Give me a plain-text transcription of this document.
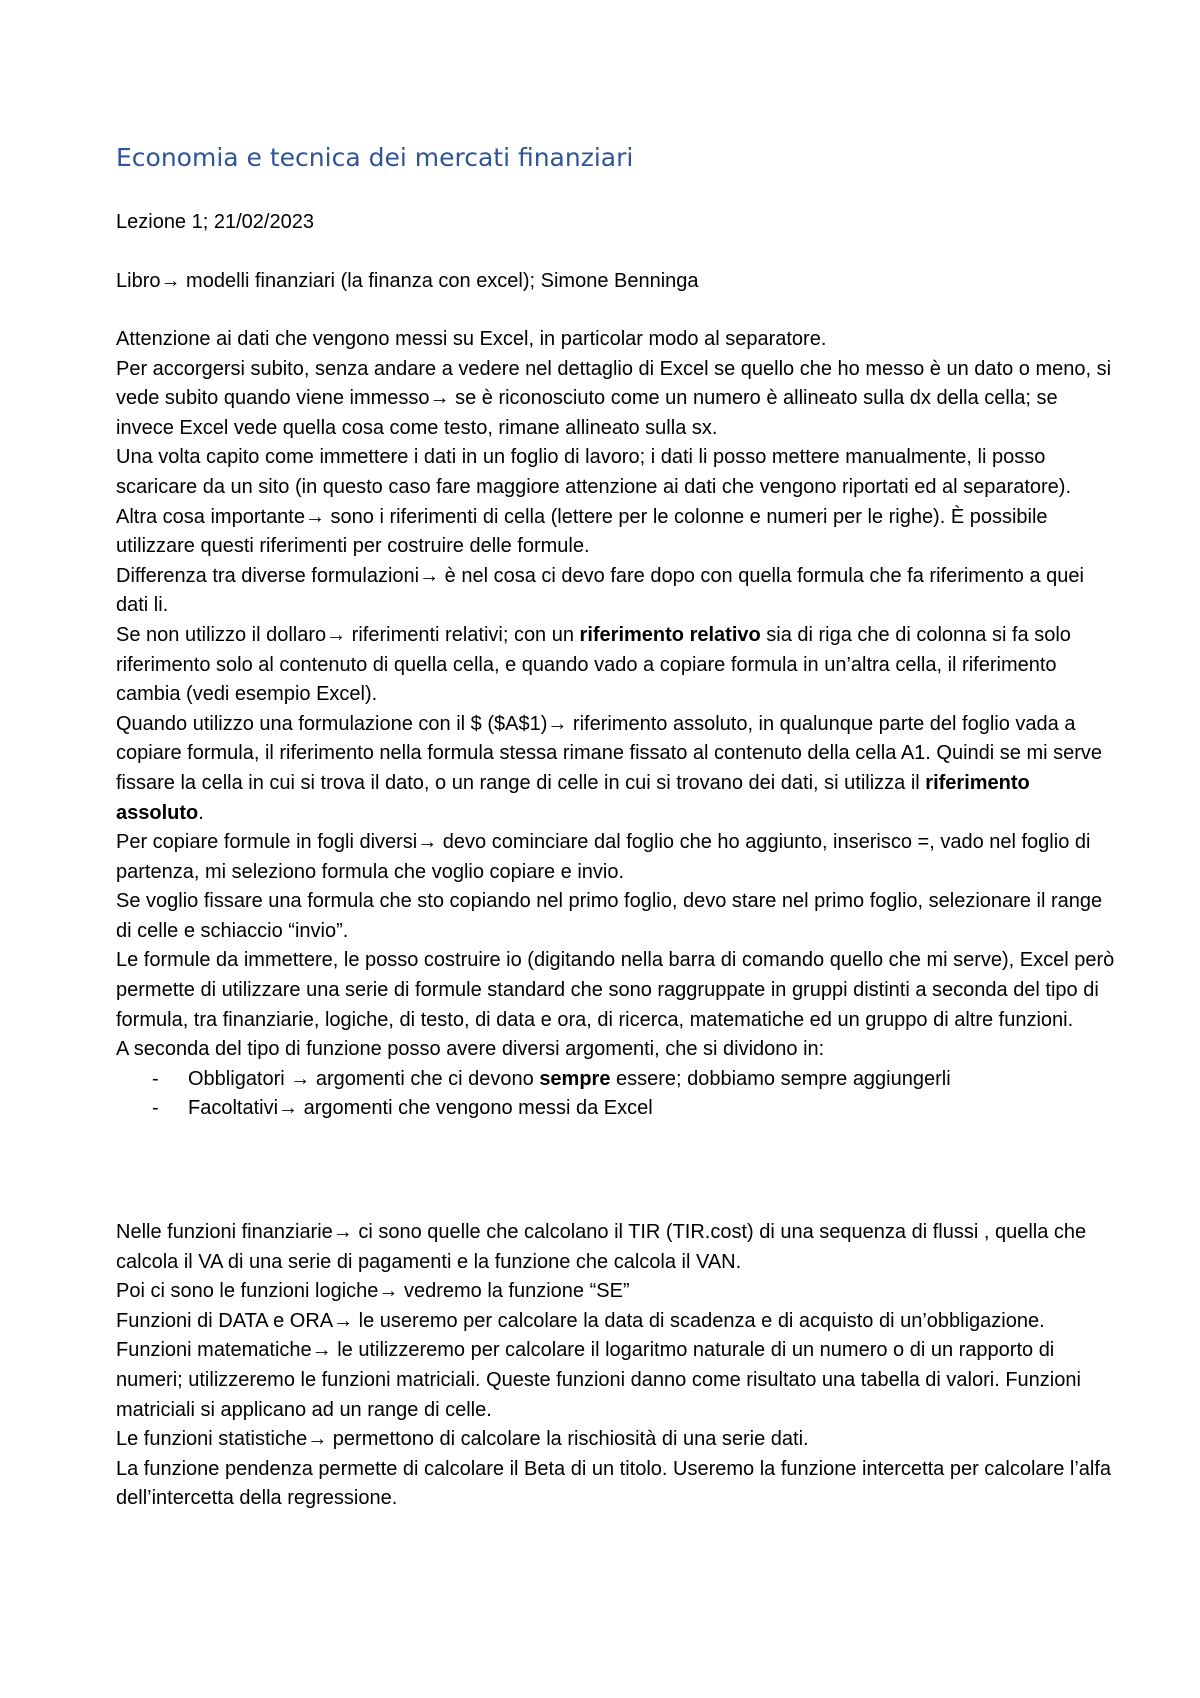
Economia e tecnica dei mercati finanziari
Lezione 1; 21/02/2023
Libro→ modelli finanziari (la finanza con excel); Simone Benninga

Attenzione ai dati che vengono messi su Excel, in particolar modo al separatore.

Per accorgersi subito, senza andare a vedere nel dettaglio di Excel se quello che ho messo è un dato o meno, si vede subito quando viene immesso→ se è riconosciuto come un numero è allineato sulla dx della cella; se invece Excel vede quella cosa come testo, rimane allineato sulla sx.

Una volta capito come immettere i dati in un foglio di lavoro; i dati li posso mettere manualmente, li posso scaricare da un sito (in questo caso fare maggiore attenzione ai dati che vengono riportati ed al separatore).

Altra cosa importante→ sono i riferimenti di cella (lettere per le colonne e numeri per le righe). È possibile utilizzare questi riferimenti per costruire delle formule.

Differenza tra diverse formulazioni→ è nel cosa ci devo fare dopo con quella formula che fa riferimento a quei dati li.

Se non utilizzo il dollaro→ riferimenti relativi; con un riferimento relativo sia di riga che di colonna si fa solo riferimento solo al contenuto di quella cella, e quando vado a copiare formula in un’altra cella, il riferimento cambia (vedi esempio Excel).

Quando utilizzo una formulazione con il $ ($A$1)→ riferimento assoluto, in qualunque parte del foglio vada a copiare formula, il riferimento nella formula stessa rimane fissato al contenuto della cella A1. Quindi se mi serve fissare la cella in cui si trova il dato, o un range di celle in cui si trovano dei dati, si utilizza il riferimento assoluto.

Per copiare formule in fogli diversi→ devo cominciare dal foglio che ho aggiunto, inserisco =, vado nel foglio di partenza, mi seleziono formula che voglio copiare e invio.

Se voglio fissare una formula che sto copiando nel primo foglio, devo stare nel primo foglio, selezionare il range di celle e schiaccio “invio”.

Le formule da immettere, le posso costruire io (digitando nella barra di comando quello che mi serve), Excel però permette di utilizzare una serie di formule standard che sono raggruppate in gruppi distinti a seconda del tipo di formula, tra finanziarie, logiche, di testo, di data e ora, di ricerca, matematiche ed un gruppo di altre funzioni.

A seconda del tipo di funzione posso avere diversi argomenti, che si dividono in:

- Obbligatori → argomenti che ci devono sempre essere; dobbiamo sempre aggiungerli
- Facoltativi→ argomenti che vengono messi da Excel

Nelle funzioni finanziarie→ ci sono quelle che calcolano il TIR (TIR.cost) di una sequenza di flussi , quella che calcola il VA di una serie di pagamenti e la funzione che calcola il VAN.

Poi ci sono le funzioni logiche→ vedremo la funzione “SE”

Funzioni di DATA e ORA→ le useremo per calcolare la data di scadenza e di acquisto di un’obbligazione.

Funzioni matematiche→ le utilizzeremo per calcolare il logaritmo naturale di un numero o di un rapporto di numeri; utilizzeremo le funzioni matriciali. Queste funzioni danno come risultato una tabella di valori. Funzioni matriciali si applicano ad un range di celle.

Le funzioni statistiche→ permettono di calcolare la rischiosità di una serie dati.

La funzione pendenza permette di calcolare il Beta di un titolo. Useremo la funzione intercetta per calcolare l’alfa dell’intercetta della regressione.
